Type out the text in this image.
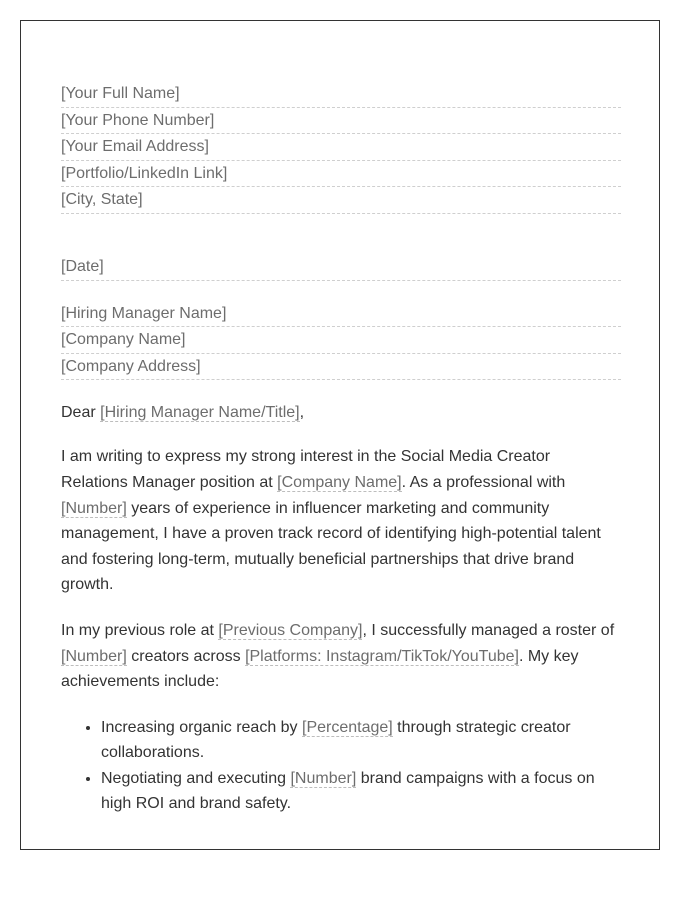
[Your Full Name]
[Your Phone Number]
[Your Email Address]
[Portfolio/LinkedIn Link]
[City, State]
[Date]
[Hiring Manager Name]
[Company Name]
[Company Address]

Dear [Hiring Manager Name/Title],

I am writing to express my strong interest in the Social Media Creator Relations Manager position at [Company Name]. As a professional with [Number] years of experience in influencer marketing and community management, I have a proven track record of identifying high-potential talent and fostering long-term, mutually beneficial partnerships that drive brand growth.

In my previous role at [Previous Company], I successfully managed a roster of [Number] creators across [Platforms: Instagram/TikTok/YouTube]. My key achievements include:

• Increasing organic reach by [Percentage] through strategic creator collaborations.
• Negotiating and executing [Number] brand campaigns with a focus on high ROI and brand safety.
